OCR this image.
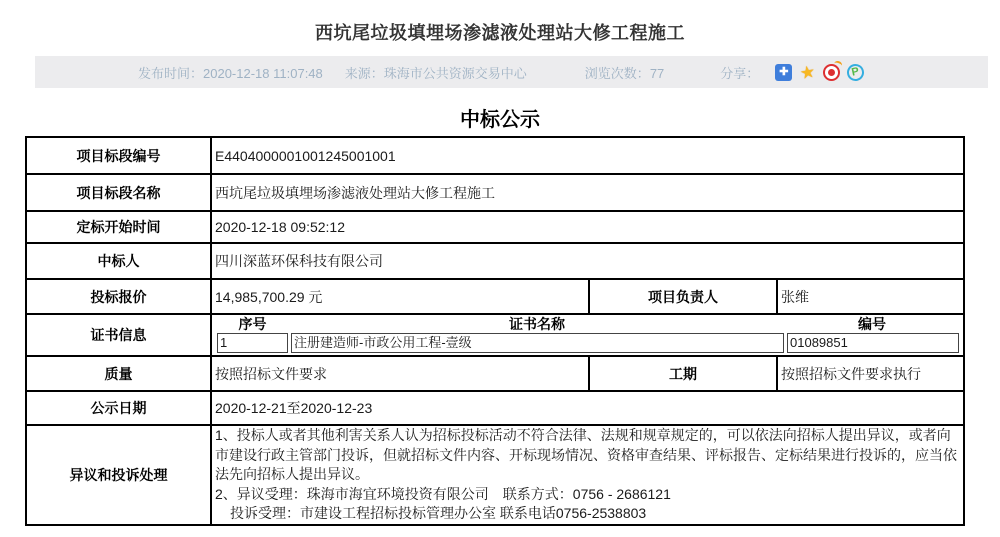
西坑尾垃圾填埋场渗滤液处理站大修工程施工
发布时间：2020-12-18 11:07:48 来源：珠海市公共资源交易中心	浏览次数：77	分享：	✚ ★	P
中标公示
项目标段编号	E4404000001001245001001		
项目标段名称	西坑尾垃圾填埋场渗滤液处理站大修工程施工		
定标开始时间	2020-12-18 09:52:12		
中标人	四川深蓝环保科技有限公司		
投标报价	14,985,700.29 元	项目负责人	张维
证书信息	
序号	证书名称	编号
1	注册建造师-市政公用工程-壹级	01089851

质量	按照招标文件要求	工期	按照招标文件要求执行
公示日期	2020-12-21至2020-12-23		
异议和投诉处理	1、投标人或者其他利害关系人认为招标投标活动不符合法律、法规和规章规定的，可以依法向招标人提出异议，或者向市建设行政主管部门投诉，但就招标文件内容、开标现场情况、资格审查结果、评标报告、定标结果进行投诉的，应当依法先向招标人提出异议。
2、异议受理：珠海市海宜环境投资有限公司　联系方式：0756 - 2686121
投诉受理：市建设工程招标投标管理办公室 联系电话0756-2538803		
